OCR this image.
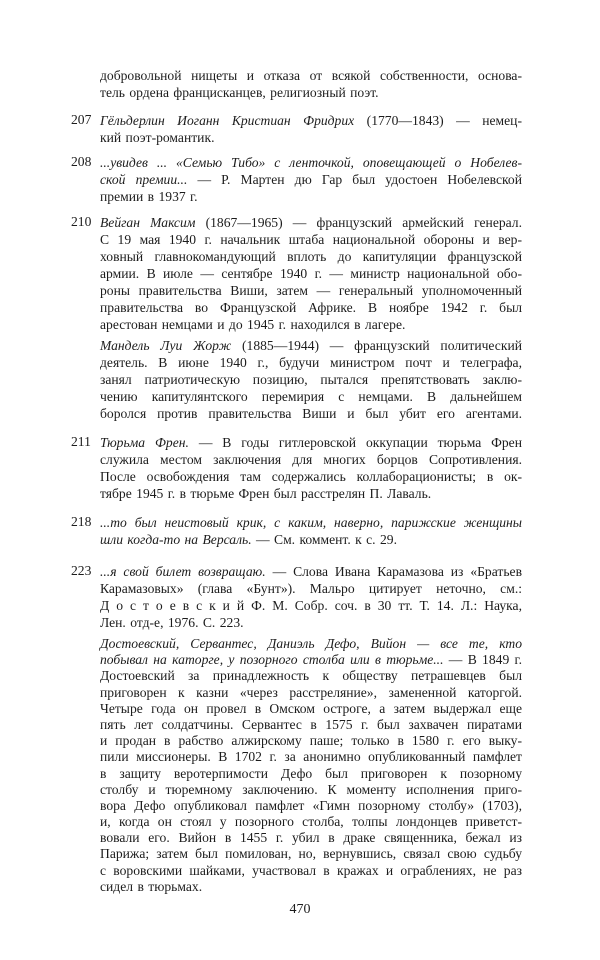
добровольной нищеты и отказа от всякой собственности, основа-
тель ордена францисканцев, религиозный поэт.
207 Гёльдерлин Иоганн Кристиан Фридрих (1770—1843) — немец-
кий поэт-романтик.
208 ...увидев ... «Семью Тибо» с ленточкой, оповещающей о Нобелев-
ской премии... — Р. Мартен дю Гар был удостоен Нобелевской
премии в 1937 г.
210 Вейган Максим (1867—1965) — французский армейский генерал.
С 19 мая 1940 г. начальник штаба национальной обороны и вер-
ховный главнокомандующий вплоть до капитуляции французской
армии. В июле — сентябре 1940 г. — министр национальной обо-
роны правительства Виши, затем — генеральный уполномоченный
правительства во Французской Африке. В ноябре 1942 г. был
арестован немцами и до 1945 г. находился в лагере.
Мандель Луи Жорж (1885—1944) — французский политический
деятель. В июне 1940 г., будучи министром почт и телеграфа,
занял патриотическую позицию, пытался препятствовать заклю-
чению капитулянтского перемирия с немцами. В дальнейшем
боролся против правительства Виши и был убит его агентами.
211 Тюрьма Френ. — В годы гитлеровской оккупации тюрьма Френ
служила местом заключения для многих борцов Сопротивления.
После освобождения там содержались коллаборационисты; в ок-
тябре 1945 г. в тюрьме Френ был расстрелян П. Лаваль.
218 ...то был неистовый крик, с каким, наверно, парижские женщины
шли когда-то на Версаль. — См. коммент. к с. 29.
223 ...я свой билет возвращаю. — Слова Ивана Карамазова из «Братьев
Карамазовых» (глава «Бунт»). Мальро цитирует неточно, см.:
Д о с т о е в с к и й Ф. М. Собр. соч. в 30 тт. Т. 14. Л.: Наука,
Лен. отд-е, 1976. С. 223.
Достоевский, Сервантес, Даниэль Дефо, Вийон — все те, кто
побывал на каторге, у позорного столба или в тюрьме... — В 1849 г.
Достоевский за принадлежность к обществу петрашевцев был
приговорен к казни «через расстреляние», замененной каторгой.
Четыре года он провел в Омском остроге, а затем выдержал еще
пять лет солдатчины. Сервантес в 1575 г. был захвачен пиратами
и продан в рабство алжирскому паше; только в 1580 г. его выку-
пили миссионеры. В 1702 г. за анонимно опубликованный памфлет
в защиту веротерпимости Дефо был приговорен к позорному
столбу и тюремному заключению. К моменту исполнения приго-
вора Дефо опубликовал памфлет «Гимн позорному столбу» (1703),
и, когда он стоял у позорного столба, толпы лондонцев приветст-
вовали его. Вийон в 1455 г. убил в драке священника, бежал из
Парижа; затем был помилован, но, вернувшись, связал свою судьбу
с воровскими шайками, участвовал в кражах и ограблениях, не раз
сидел в тюрьмах.
470
